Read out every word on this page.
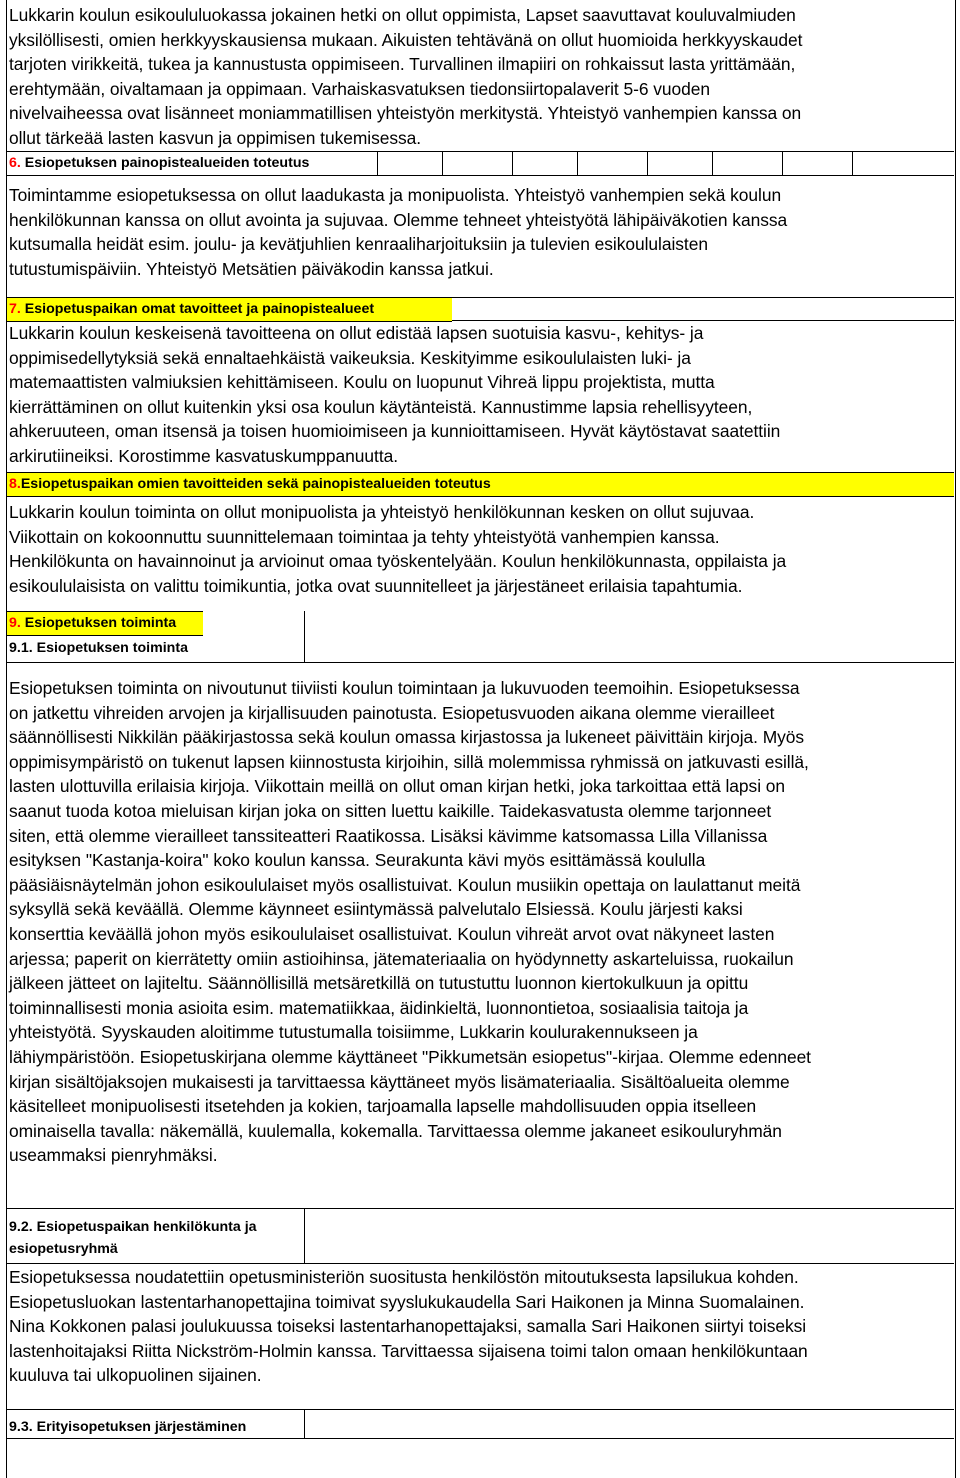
Lukkarin koulun esikoululuokassa jokainen hetki on ollut oppimista, Lapset saavuttavat kouluvalmiuden
yksilöllisesti, omien herkkyyskausiensa mukaan. Aikuisten tehtävänä on ollut huomioida herkkyyskaudet
tarjoten virikkeitä, tukea ja kannustusta oppimiseen. Turvallinen ilmapiiri on rohkaissut lasta yrittämään,
erehtymään, oivaltamaan ja oppimaan. Varhaiskasvatuksen tiedonsiirtopalaverit 5-6 vuoden
nivelvaiheessa ovat lisänneet moniammatillisen yhteistyön merkitystä. Yhteistyö vanhempien kanssa on
ollut tärkeää lasten kasvun ja oppimisen tukemisessa.
6. Esiopetuksen painopistealueiden toteutus
Toimintamme esiopetuksessa on ollut laadukasta ja monipuolista. Yhteistyö vanhempien sekä koulun
henkilökunnan kanssa on ollut avointa ja sujuvaa. Olemme tehneet yhteistyötä lähipäiväkotien kanssa
kutsumalla heidät esim. joulu- ja kevätjuhlien kenraaliharjoituksiin ja tulevien esikoululaisten
tutustumispäiviin. Yhteistyö Metsätien päiväkodin kanssa jatkui.
7. Esiopetuspaikan omat tavoitteet ja painopistealueet
Lukkarin koulun keskeisenä tavoitteena on ollut edistää lapsen suotuisia kasvu-, kehitys- ja
oppimisedellytyksiä sekä ennaltaehkäistä vaikeuksia. Keskityimme esikoululaisten luki- ja
matemaattisten valmiuksien kehittämiseen. Koulu on luopunut Vihreä lippu projektista, mutta
kierrättäminen on ollut kuitenkin yksi osa koulun käytänteistä. Kannustimme lapsia rehellisyyteen,
ahkeruuteen, oman itsensä ja toisen huomioimiseen ja kunnioittamiseen. Hyvät käytöstavat saatettiin
arkirutiineiksi. Korostimme kasvatuskumppanuutta.
8.Esiopetuspaikan omien tavoitteiden sekä painopistealueiden toteutus
Lukkarin koulun toiminta on ollut monipuolista ja yhteistyö henkilökunnan kesken on ollut sujuvaa.
Viikottain on kokoonnuttu suunnittelemaan toimintaa ja tehty yhteistyötä vanhempien kanssa.
Henkilökunta on havainnoinut ja arvioinut omaa työskentelyään. Koulun henkilökunnasta, oppilaista ja
esikoululaisista on valittu toimikuntia, jotka ovat suunnitelleet ja järjestäneet erilaisia tapahtumia.
9. Esiopetuksen toiminta
9.1. Esiopetuksen toiminta
Esiopetuksen toiminta on nivoutunut tiiviisti koulun toimintaan ja lukuvuoden teemoihin. Esiopetuksessa
on jatkettu vihreiden arvojen ja kirjallisuuden painotusta. Esiopetusvuoden aikana olemme vierailleet
säännöllisesti Nikkilän pääkirjastossa sekä koulun omassa kirjastossa ja lukeneet päivittäin kirjoja. Myös
oppimisympäristö on tukenut lapsen kiinnostusta kirjoihin, sillä molemmissa ryhmissä on jatkuvasti esillä,
lasten ulottuvilla erilaisia kirjoja. Viikottain meillä on ollut oman kirjan hetki, joka tarkoittaa että lapsi on
saanut tuoda kotoa mieluisan kirjan joka on sitten luettu kaikille. Taidekasvatusta olemme tarjonneet
siten, että olemme vierailleet tanssiteatteri Raatikossa. Lisäksi kävimme katsomassa Lilla Villanissa
esityksen "Kastanja-koira" koko koulun kanssa. Seurakunta kävi myös esittämässä koululla
pääsiäisnäytelmän johon esikoululaiset myös osallistuivat. Koulun musiikin opettaja on laulattanut meitä
syksyllä sekä keväällä. Olemme käynneet esiintymässä palvelutalo Elsiessä. Koulu järjesti kaksi
konserttia keväällä johon myös esikoululaiset osallistuivat. Koulun vihreät arvot ovat näkyneet lasten
arjessa; paperit on kierrätetty omiin astioihinsa, jätemateriaalia on hyödynnetty askarteluissa, ruokailun
jälkeen jätteet on lajiteltu. Säännöllisillä metsäretkillä on tutustuttu luonnon kiertokulkuun ja opittu
toiminnallisesti monia asioita esim. matematiikkaa, äidinkieltä, luonnontietoa, sosiaalisia taitoja ja
yhteistyötä. Syyskauden aloitimme tutustumalla toisiimme, Lukkarin koulurakennukseen ja
lähiympäristöön. Esiopetuskirjana olemme käyttäneet "Pikkumetsän esiopetus"-kirjaa. Olemme edenneet
kirjan sisältöjaksojen mukaisesti ja tarvittaessa käyttäneet myös lisämateriaalia. Sisältöalueita olemme
käsitelleet monipuolisesti itsetehden ja kokien, tarjoamalla lapselle mahdollisuuden oppia itselleen
ominaisella tavalla: näkemällä, kuulemalla, kokemalla. Tarvittaessa olemme jakaneet esikouluryhmän
useammaksi pienryhmäksi.
9.2. Esiopetuspaikan henkilökunta ja
esiopetusryhmä
Esiopetuksessa noudatettiin opetusministeriön suositusta henkilöstön mitoutuksesta lapsilukua kohden.
Esiopetusluokan lastentarhanopettajina toimivat syyslukukaudella Sari Haikonen ja Minna Suomalainen.
Nina Kokkonen palasi joulukuussa toiseksi lastentarhanopettajaksi, samalla Sari Haikonen siirtyi toiseksi
lastenhoitajaksi Riitta Nickström-Holmin kanssa. Tarvittaessa sijaisena toimi talon omaan henkilökuntaan
kuuluva tai ulkopuolinen sijainen.
9.3. Erityisopetuksen järjestäminen
